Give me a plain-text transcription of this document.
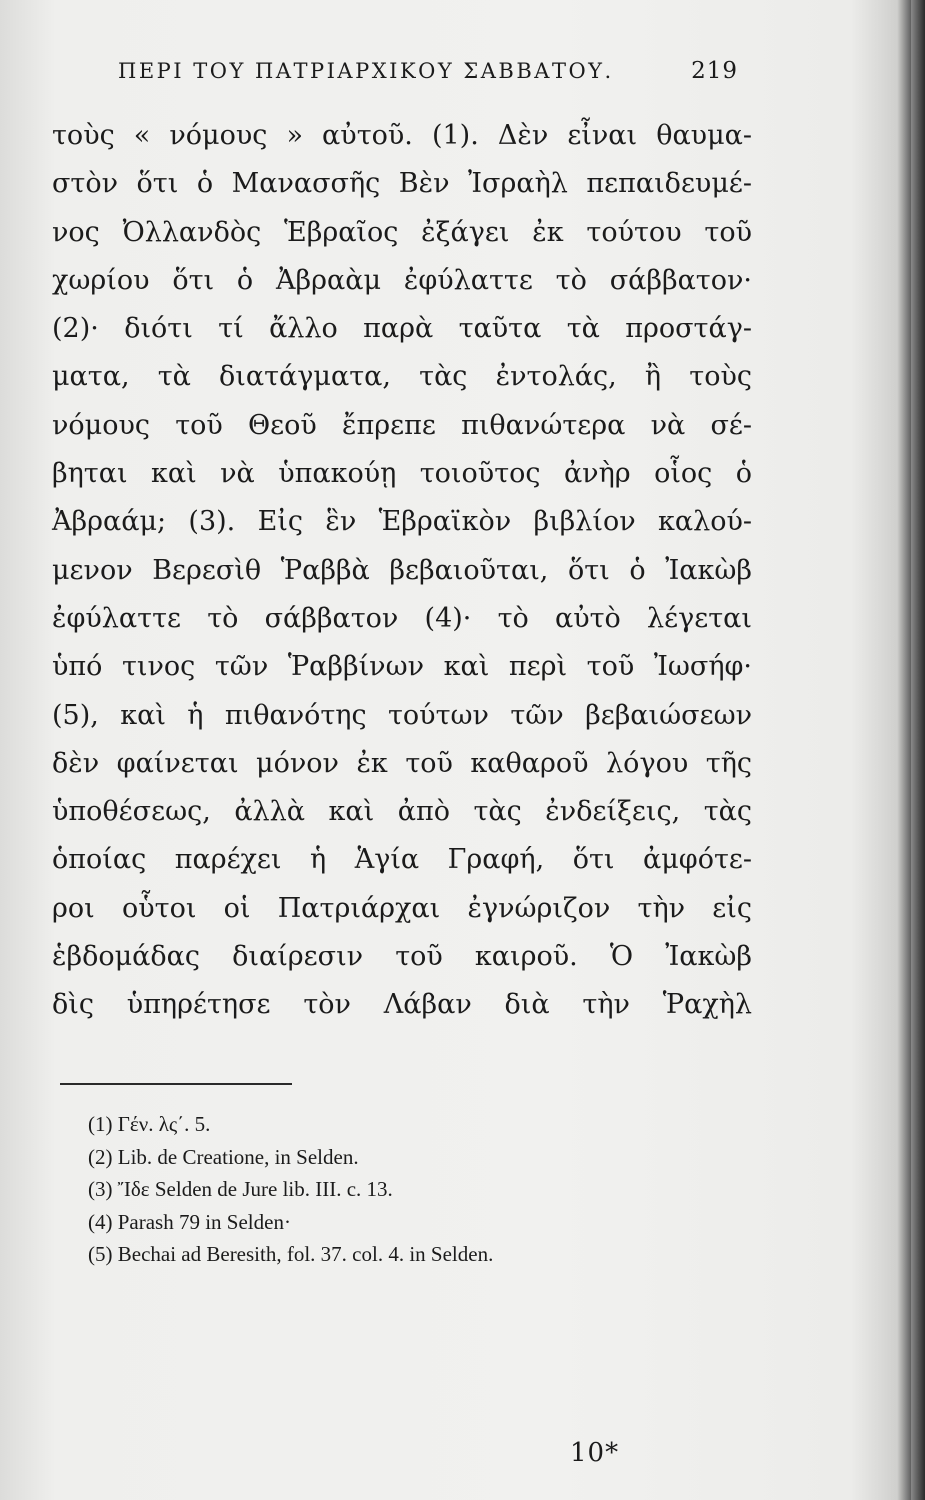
ΠΕΡΙ ΤΟΥ ΠΑΤΡΙΑΡΧΙΚΟΥ ΣΑΒΒΑΤΟΥ.	219
τοὺς « νόμους » αὐτοῦ. (1). Δὲν εἶναι θαυμα-
στὸν ὅτι ὁ Μανασσῆς Βὲν Ἰσραὴλ πεπαιδευμέ-
νος Ὀλλανδὸς Ἑβραῖος ἐξάγει ἐκ τούτου τοῦ
χωρίου ὅτι ὁ Ἀβραὰμ ἐφύλαττε τὸ σάββατον·
(2)· διότι τί ἄλλο παρὰ ταῦτα τὰ προστάγ-
ματα, τὰ διατάγματα, τὰς ἐντολάς, ἢ τοὺς
νόμους τοῦ Θεοῦ ἔπρεπε πιθανώτερα νὰ σέ-
βηται καὶ νὰ ὑπακούῃ τοιοῦτος ἀνὴρ οἷος ὁ
Ἀβραάμ; (3). Εἰς ἓν Ἑβραϊκὸν βιβλίον καλού-
μενον Βερεσὶθ Ῥαββὰ βεβαιοῦται, ὅτι ὁ Ἰακὼβ
ἐφύλαττε τὸ σάββατον (4)· τὸ αὐτὸ λέγεται
ὑπό τινος τῶν Ῥαββίνων καὶ περὶ τοῦ Ἰωσήφ·
(5), καὶ ἡ πιθανότης τούτων τῶν βεβαιώσεων
δὲν φαίνεται μόνον ἐκ τοῦ καθαροῦ λόγου τῆς
ὑποθέσεως, ἀλλὰ καὶ ἀπὸ τὰς ἐνδείξεις, τὰς
ὁποίας παρέχει ἡ Ἁγία Γραφή, ὅτι ἀμφότε-
ροι οὗτοι οἱ Πατριάρχαι ἐγνώριζον τὴν εἰς
ἑβδομάδας διαίρεσιν τοῦ καιροῦ. Ὁ Ἰακὼβ
δὶς ὑπηρέτησε τὸν Λάβαν διὰ τὴν Ῥαχὴλ
(1) Γέν. λς΄. 5.
(2) Lib. de Creatione, in Selden.
(3) Ἴδε Selden de Jure lib. III. c. 13.
(4) Parash 79 in Selden·
(5) Bechai ad Beresith, fol. 37. col. 4. in Selden.
10*
